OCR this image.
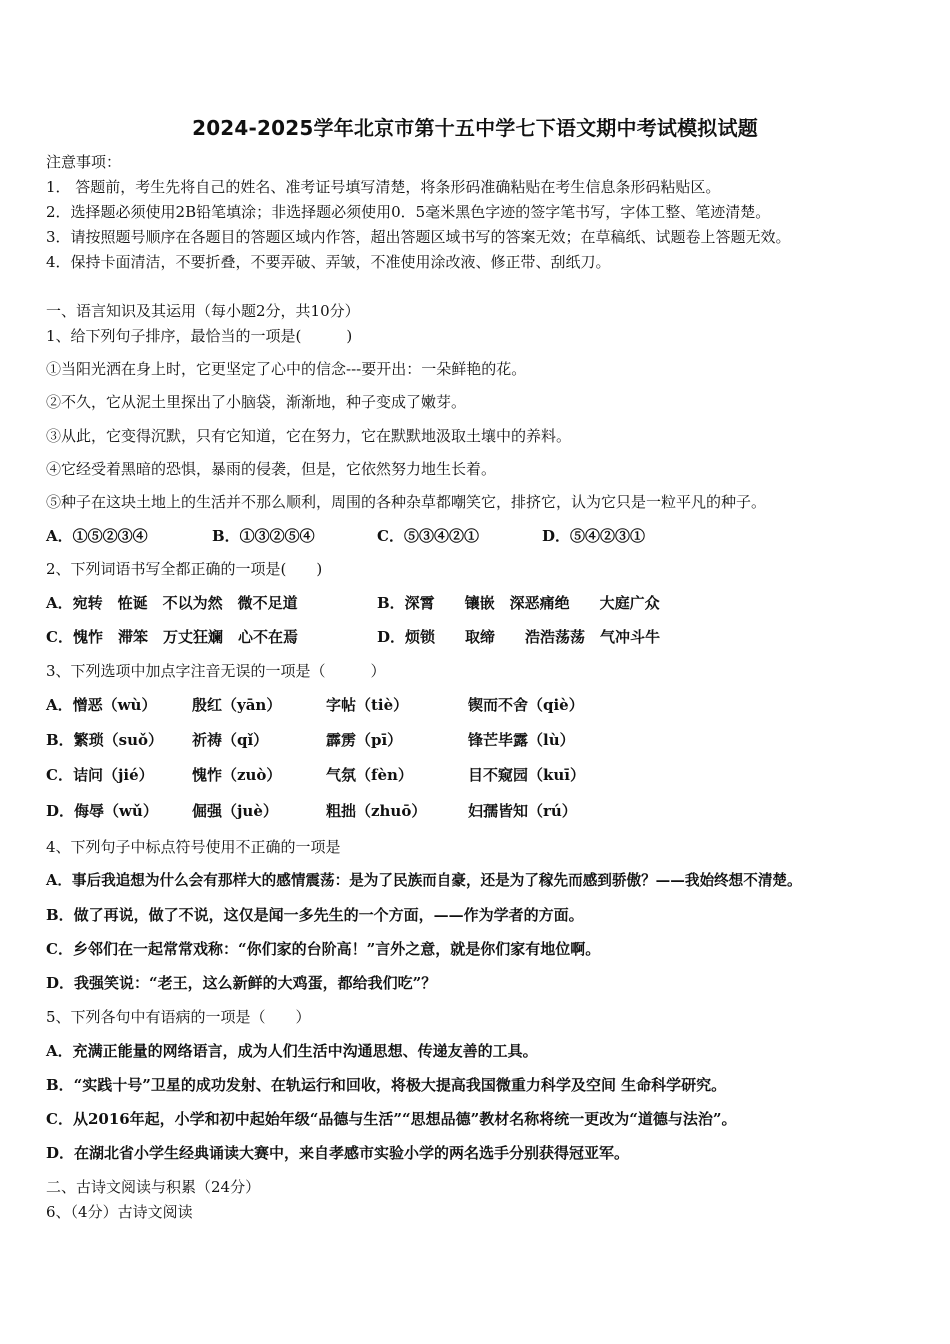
2024-2025学年北京市第十五中学七下语文期中考试模拟试题
注意事项：
1． 答题前，考生先将自己的姓名、准考证号填写清楚，将条形码准确粘贴在考生信息条形码粘贴区。
2．选择题必须使用2B铅笔填涂；非选择题必须使用0．5毫米黑色字迹的签字笔书写，字体工整、笔迹清楚。
3．请按照题号顺序在各题目的答题区域内作答，超出答题区域书写的答案无效；在草稿纸、试题卷上答题无效。
4．保持卡面清洁，不要折叠，不要弄破、弄皱，不准使用涂改液、修正带、刮纸刀。
一、语言知识及其运用（每小题2分，共10分）
1、给下列句子排序，最恰当的一项是(　　　)
①当阳光洒在身上时，它更坚定了心中的信念---要开出：一朵鲜艳的花。
②不久，它从泥土里探出了小脑袋，渐渐地，种子变成了嫩芽。
③从此，它变得沉默，只有它知道，它在努力，它在默默地汲取土壤中的养料。
④它经受着黑暗的恐惧，暴雨的侵袭，但是，它依然努力地生长着。
⑤种子在这块土地上的生活并不那么顺利，周围的各种杂草都嘲笑它，排挤它，认为它只是一粒平凡的种子。
A．①⑤②③④	B．①③②⑤④	C．⑤③④②①	D．⑤④②③①
2、下列词语书写全都正确的一项是(　　)
A．宛转　恠诞　不以为然　微不足道	B．深霄　　镶嵌　深恶痛绝　　大庭广众
C．愧怍　滞笨　万丈狂斓　心不在焉	D．烦锁　　取缔　　浩浩荡荡　气冲斗牛
3、下列选项中加点字注音无误的一项是（　　　）
A．憎恶（wù） 殷红（yān）	字帖（tiè）	锲而不舍（qiè）
B．繁琐（suǒ） 祈祷（qǐ）	霹雳（pī）	锋芒毕露（lù）
C．诘问（jié）	愧怍（zuò）	气氛（fèn）	目不窥园（kuī）
D．侮辱（wǔ） 倔强（juè）	粗拙（zhuō）	妇孺皆知（rú）
4、下列句子中标点符号使用不正确的一项是
A．事后我追想为什么会有那样大的感情震荡：是为了民族而自豪，还是为了稼先而感到骄傲？——我始终想不清楚。
B．做了再说，做了不说，这仅是闻一多先生的一个方面，——作为学者的方面。
C．乡邻们在一起常常戏称：“你们家的台阶高！”言外之意，就是你们家有地位啊。
D．我强笑说：“老王，这么新鲜的大鸡蛋，都给我们吃”？
5、下列各句中有语病的一项是（　　）
A．充满正能量的网络语言，成为人们生活中沟通思想、传递友善的工具。
B．“实践十号”卫星的成功发射、在轨运行和回收，将极大提高我国微重力科学及空间 生命科学研究。
C．从2016年起，小学和初中起始年级“品德与生活”“思想品德”教材名称将统一更改为“道德与法治”。
D．在湖北省小学生经典诵读大赛中，来自孝感市实验小学的两名选手分别获得冠亚军。
二、古诗文阅读与积累（24分）
6、（4分）古诗文阅读
